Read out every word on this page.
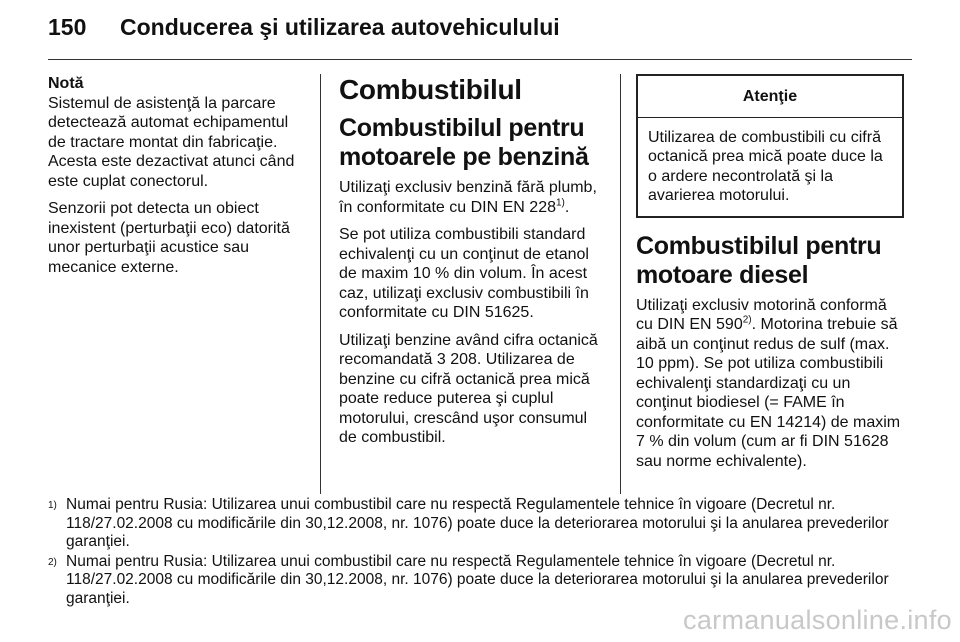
150 Conducerea şi utilizarea autovehiculului

Notă
Sistemul de asistenţă la parcare detectează automat echipamentul de tractare montat din fabricaţie. Acesta este dezactivat atunci când este cuplat conectorul.

Senzorii pot detecta un obiect inexistent (perturbaţii eco) datorită unor perturbaţii acustice sau mecanice externe.

Combustibilul
Combustibilul pentru motoarele pe benzină

Utilizaţi exclusiv benzină fără plumb, în conformitate cu DIN EN 228$^{1)}$.

Se pot utiliza combustibili standard echivalenţi cu un conţinut de etanol de maxim 10 % din volum. În acest caz, utilizaţi exclusiv combustibili în conformitate cu DIN 51625.

Utilizaţi benzine având cifra octanică recomandată 3 208. Utilizarea de benzine cu cifră octanică prea mică poate reduce puterea şi cuplul motorului, crescând uşor consumul de combustibil.

Atenţie
Utilizarea de combustibili cu cifră octanică prea mică poate duce la o ardere necontrolată şi la avarierea motorului.
Combustibilul pentru motoare diesel

Utilizaţi exclusiv motorină conformă cu DIN EN 590$^{2)}$. Motorina trebuie să aibă un conţinut redus de sulf (max. 10 ppm). Se pot utiliza combustibili echivalenţi standardizaţi cu un conţinut biodiesel (= FAME în conformitate cu EN 14214) de maxim 7 % din volum (cum ar fi DIN 51628 sau norme echivalente).

1) Numai pentru Rusia: Utilizarea unui combustibil care nu respectă Regulamentele tehnice în vigoare (Decretul nr. 118/27.02.2008 cu modificările din 30,12.2008, nr. 1076) poate duce la deteriorarea motorului şi la anularea prevederilor garanţiei.
2) Numai pentru Rusia: Utilizarea unui combustibil care nu respectă Regulamentele tehnice în vigoare (Decretul nr. 118/27.02.2008 cu modificările din 30,12.2008, nr. 1076) poate duce la deteriorarea motorului şi la anularea prevederilor garanţiei.
carmanualsonline.info
